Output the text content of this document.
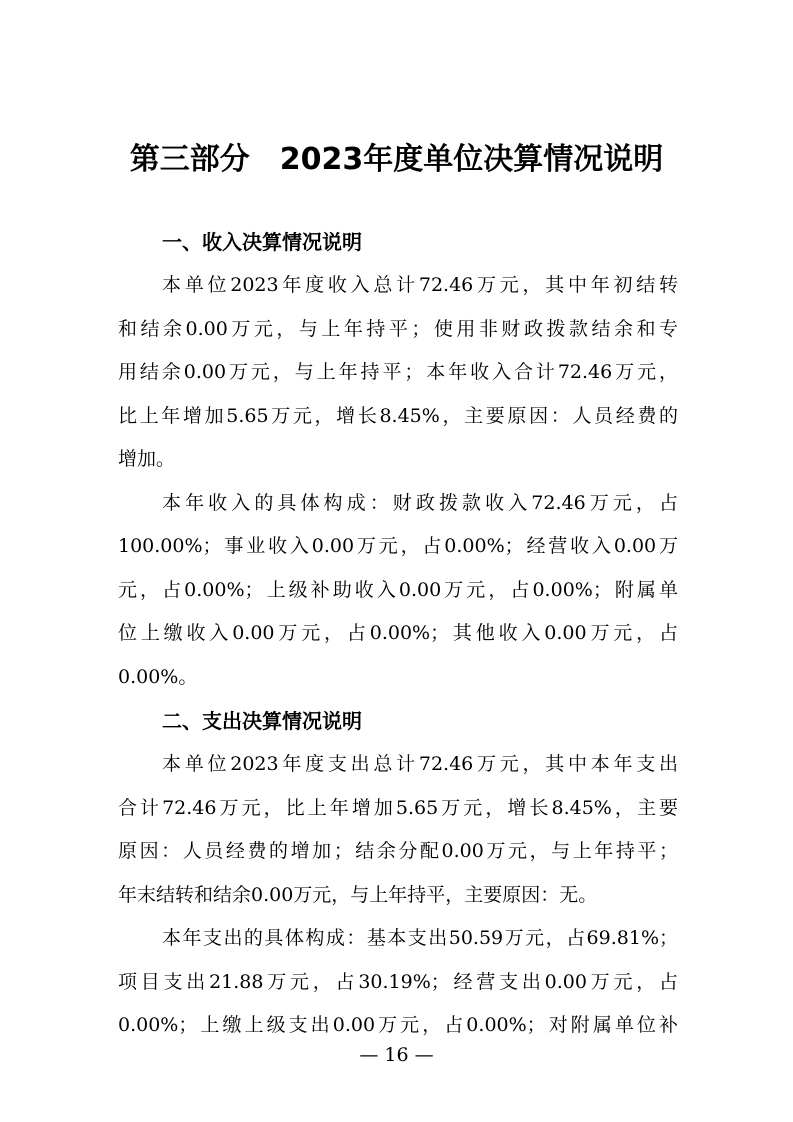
第三部分 2023年度单位决算情况说明
一、收入决算情况说明
本单位2023年度收入总计72.46万元，其中年初结转
和结余0.00万元，与上年持平；使用非财政拨款结余和专
用结余0.00万元，与上年持平；本年收入合计72.46万元，
比上年增加5.65万元，增长8.45%，主要原因：人员经费的
增加。
本年收入的具体构成：财政拨款收入72.46万元，占
100.00%；事业收入0.00万元，占0.00%；经营收入0.00万
元，占0.00%；上级补助收入0.00万元，占0.00%；附属单
位上缴收入0.00万元，占0.00%；其他收入0.00万元，占
0.00%。
二、支出决算情况说明
本单位2023年度支出总计72.46万元，其中本年支出
合计72.46万元，比上年增加5.65万元，增长8.45%，主要
原因：人员经费的增加；结余分配0.00万元，与上年持平；
年末结转和结余0.00万元，与上年持平，主要原因：无。
本年支出的具体构成：基本支出50.59万元，占69.81%；
项目支出21.88万元，占30.19%；经营支出0.00万元，占
0.00%；上缴上级支出0.00万元，占0.00%；对附属单位补
— 16 —
